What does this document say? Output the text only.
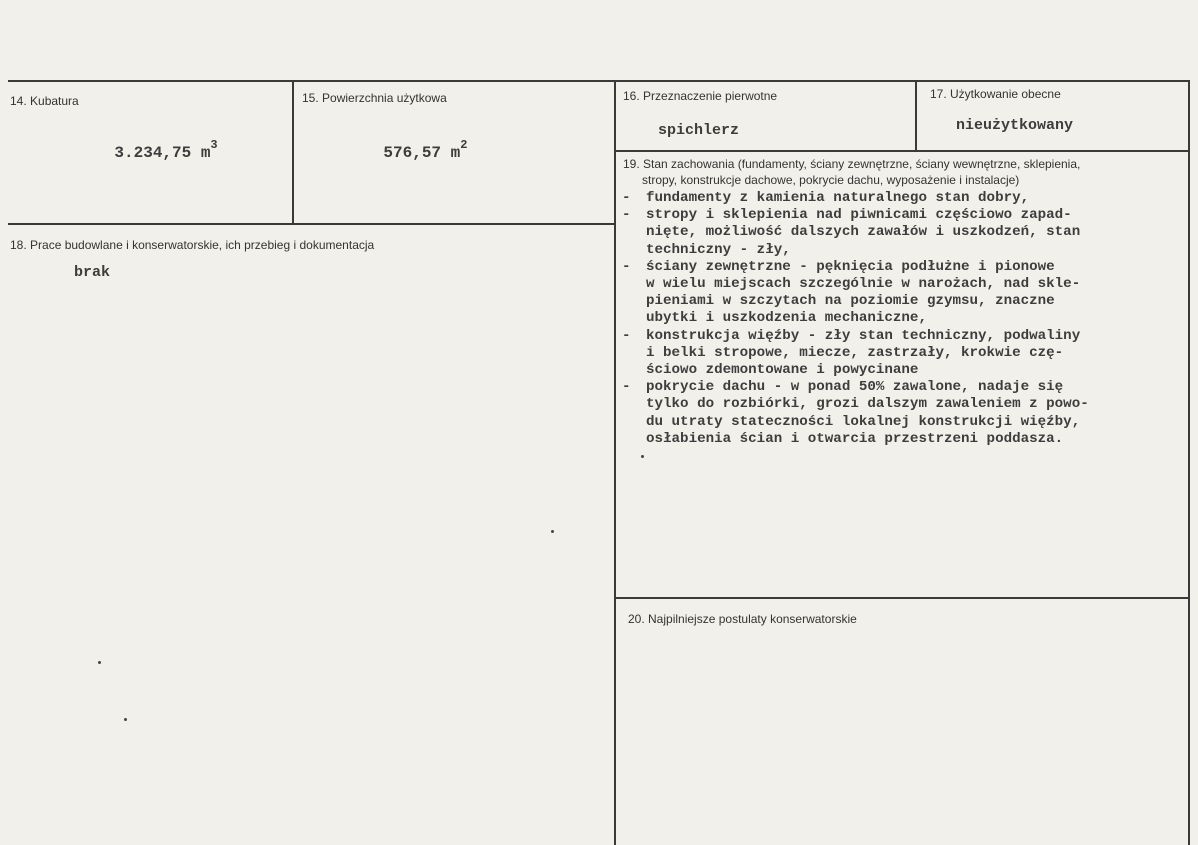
14. Kubatura

3.234,75 $m^3$

15. Powierzchnia użytkowa

576,57 $m^2$

16. Przeznaczenie pierwotne
spichlerz
17. Użytkowanie obecne
nieużytkowany
18. Prace budowlane i konserwatorskie, ich przebieg i dokumentacja
brak
19. Stan zachowania (fundamenty, ściany zewnętrzne, ściany wewnętrzne, sklepienia,
stropy, konstrukcje dachowe, pokrycie dachu, wyposażenie i instalacje)
- fundamenty z kamienia naturalnego stan dobry,
- stropy i sklepienia nad piwnicami częściowo zapad-
nięte, możliwość dalszych zawałów i uszkodzeń, stan
techniczny - zły,
- ściany zewnętrzne - pęknięcia podłużne i pionowe
w wielu miejscach szczególnie w narożach, nad skle-
pieniami w szczytach na poziomie gzymsu, znaczne
ubytki i uszkodzenia mechaniczne,
- konstrukcja więźby - zły stan techniczny, podwaliny
i belki stropowe, miecze, zastrzały, krokwie czę-
ściowo zdemontowane i powycinane
- pokrycie dachu - w ponad 50% zawalone, nadaje się
tylko do rozbiórki, grozi dalszym zawaleniem z powo-
du utraty stateczności lokalnej konstrukcji więźby,
osłabienia ścian i otwarcia przestrzeni poddasza.
20. Najpilniejsze postulaty konserwatorskie
